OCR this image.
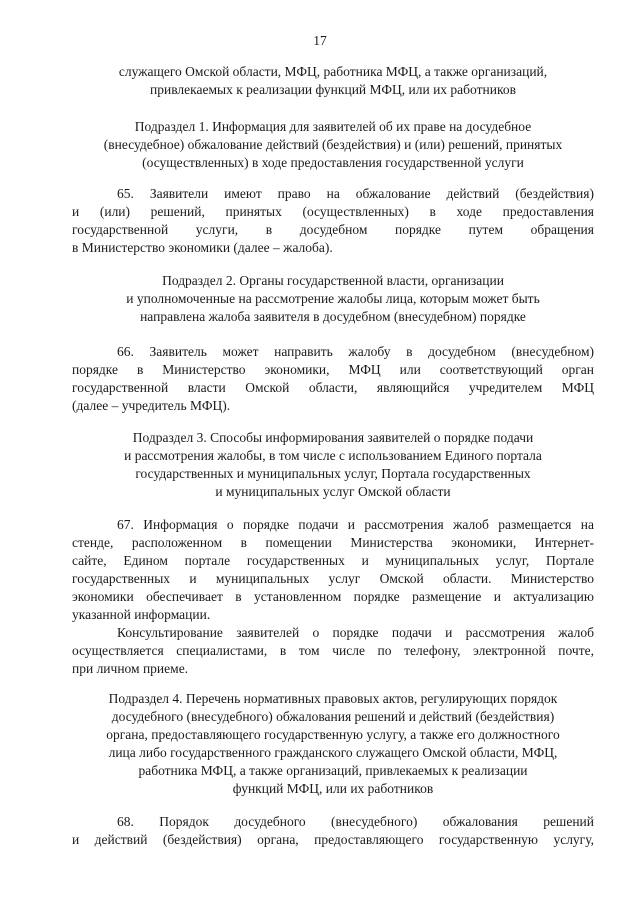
17
служащего Омской области, МФЦ, работника МФЦ, а также организаций,
привлекаемых к реализации функций МФЦ, или их работников
Подраздел 1. Информация для заявителей об их праве на досудебное
(внесудебное) обжалование действий (бездействия) и (или) решений, принятых
(осуществленных) в ходе предоставления государственной услуги
65. Заявители имеют право на обжалование действий (бездействия)
и (или) решений, принятых (осуществленных) в ходе предоставления
государственной услуги, в досудебном порядке путем обращения
в Министерство экономики (далее – жалоба).
Подраздел 2. Органы государственной власти, организации
и уполномоченные на рассмотрение жалобы лица, которым может быть
направлена жалоба заявителя в досудебном (внесудебном) порядке
66. Заявитель может направить жалобу в досудебном (внесудебном)
порядке в Министерство экономики, МФЦ или соответствующий орган
государственной власти Омской области, являющийся учредителем МФЦ
(далее – учредитель МФЦ).
Подраздел 3. Способы информирования заявителей о порядке подачи
и рассмотрения жалобы, в том числе с использованием Единого портала
государственных и муниципальных услуг, Портала государственных
и муниципальных услуг Омской области
67. Информация о порядке подачи и рассмотрения жалоб размещается на
стенде, расположенном в помещении Министерства экономики, Интернет-
сайте, Едином портале государственных и муниципальных услуг, Портале
государственных и муниципальных услуг Омской области. Министерство
экономики обеспечивает в установленном порядке размещение и актуализацию
указанной информации.
Консультирование заявителей о порядке подачи и рассмотрения жалоб
осуществляется специалистами, в том числе по телефону, электронной почте,
при личном приеме.
Подраздел 4. Перечень нормативных правовых актов, регулирующих порядок
досудебного (внесудебного) обжалования решений и действий (бездействия)
органа, предоставляющего государственную услугу, а также его должностного
лица либо государственного гражданского служащего Омской области, МФЦ,
работника МФЦ, а также организаций, привлекаемых к реализации
функций МФЦ, или их работников
68. Порядок досудебного (внесудебного) обжалования решений
и действий (бездействия) органа, предоставляющего государственную услугу,
